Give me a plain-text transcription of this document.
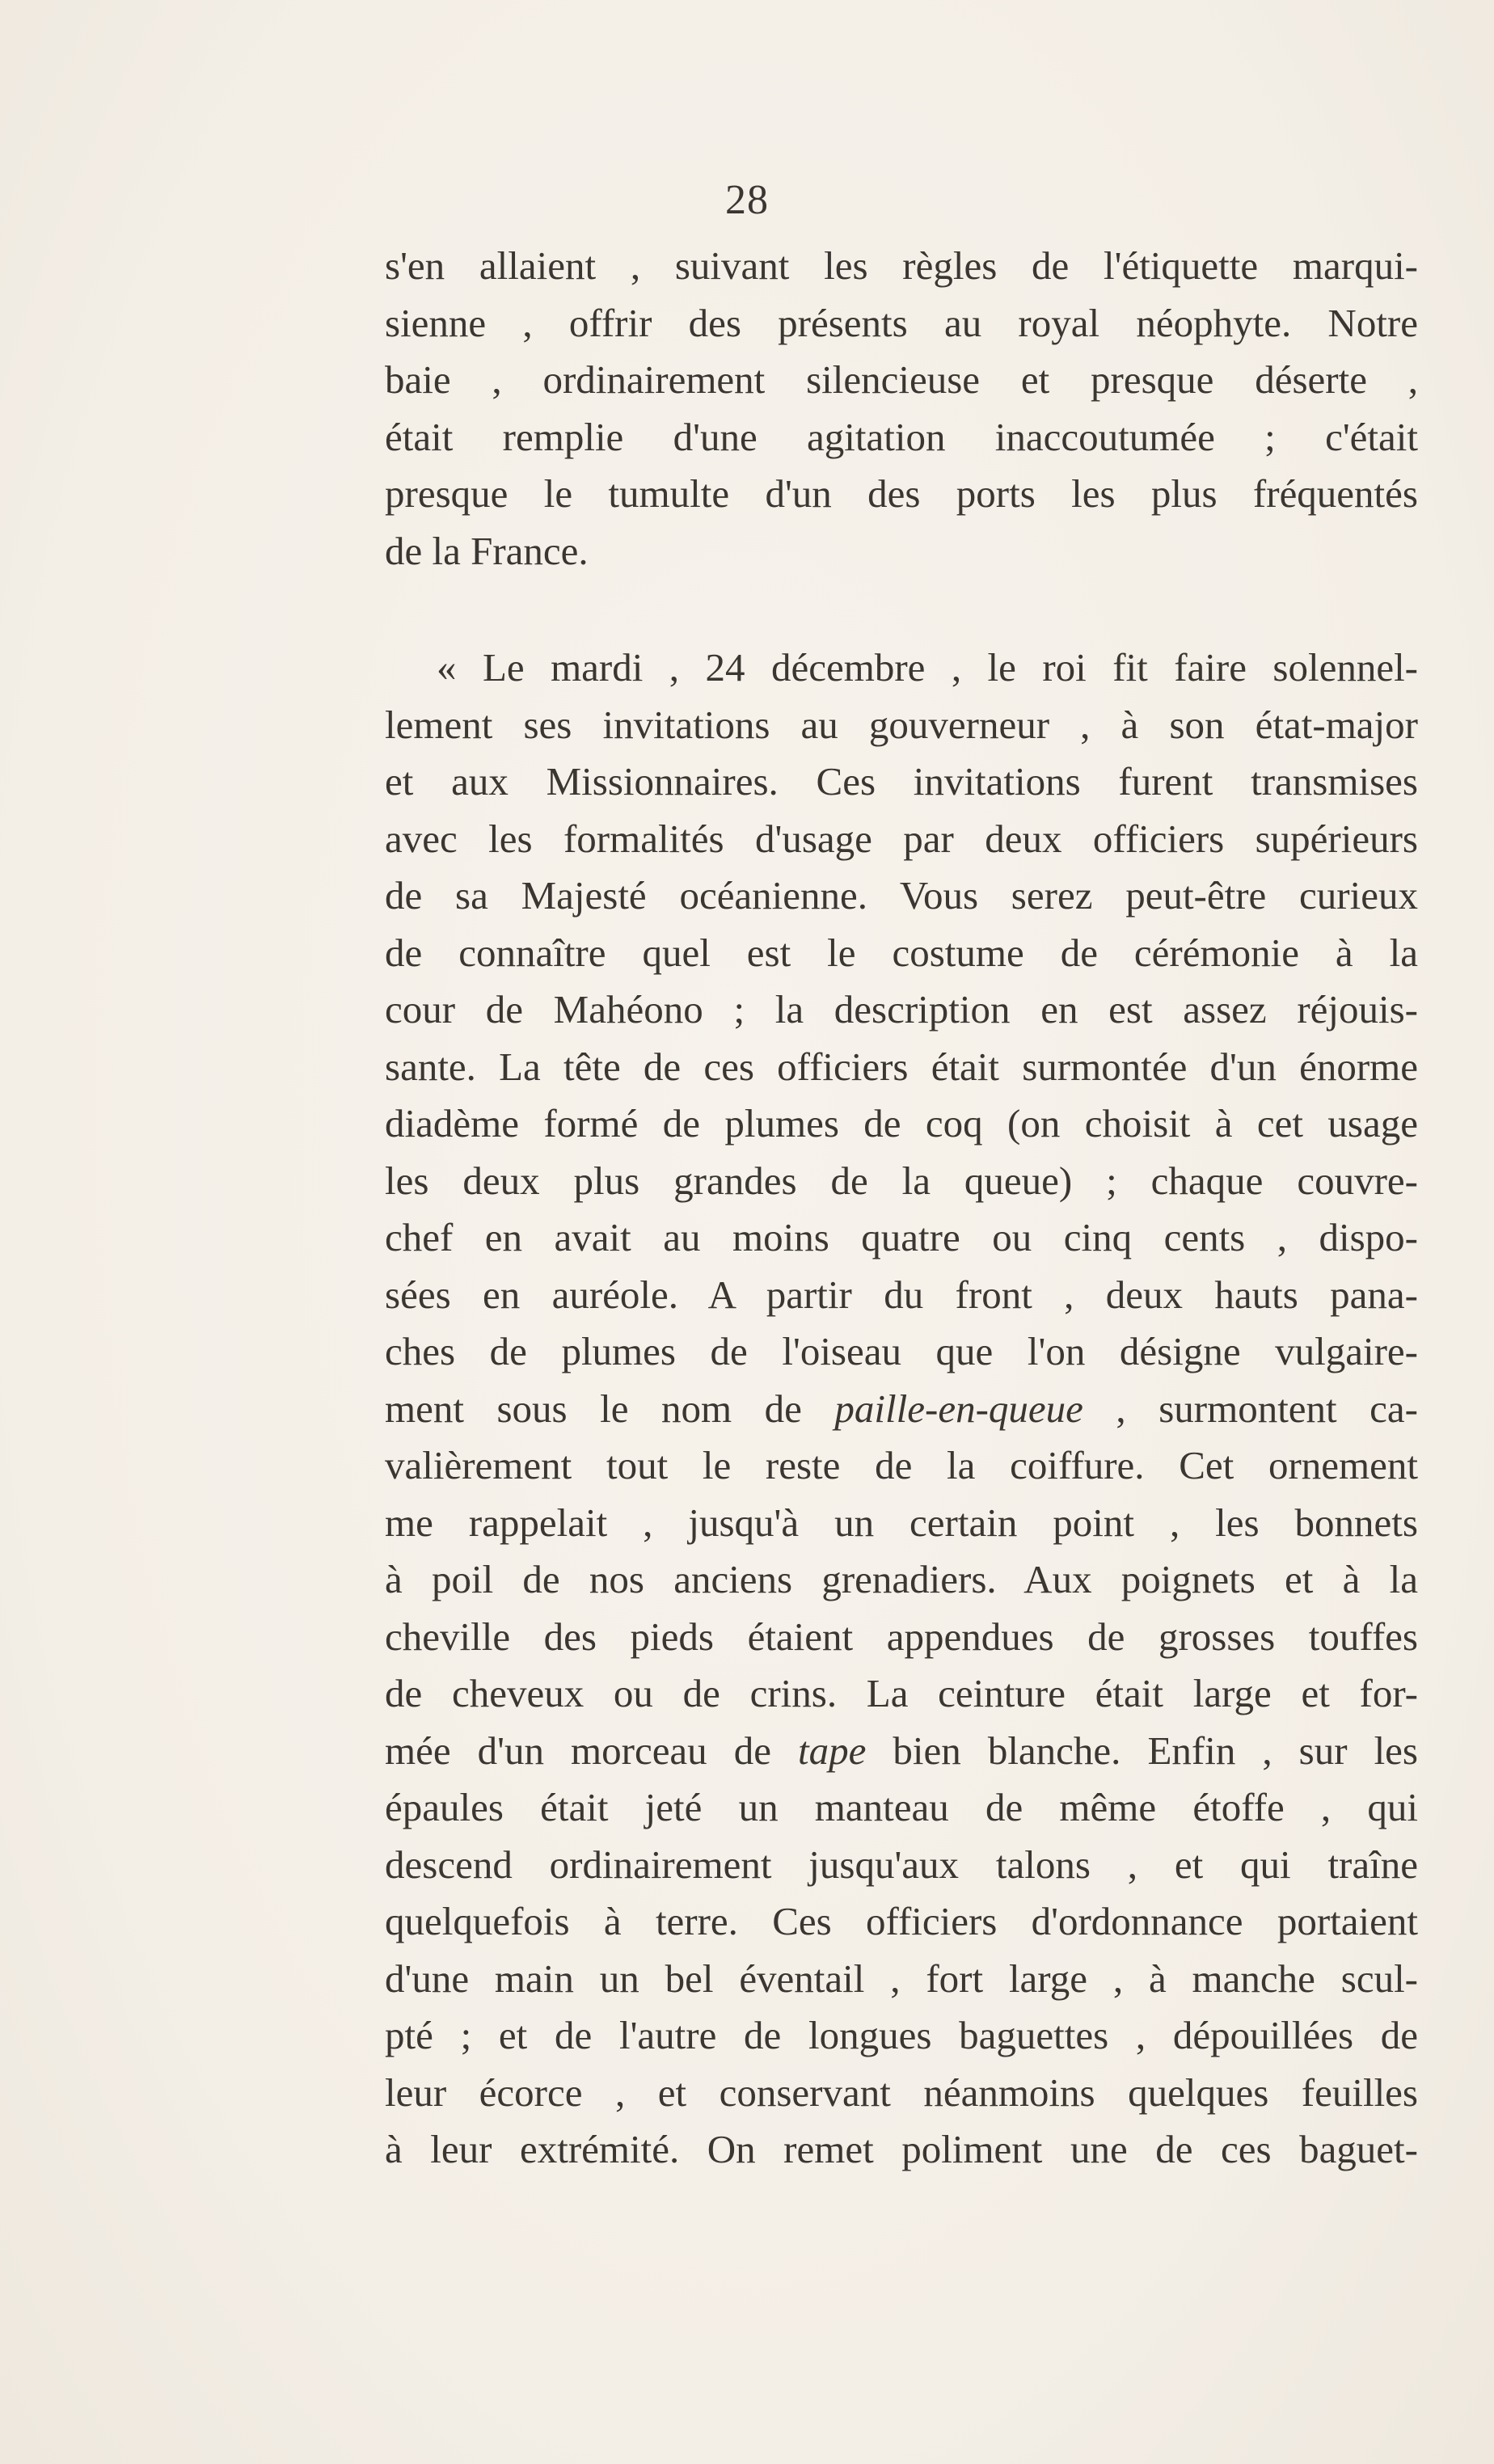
28
s'en allaient , suivant les règles de l'étiquette marqui-
sienne , offrir des présents au royal néophyte. Notre
baie , ordinairement silencieuse et presque déserte ,
était remplie d'une agitation inaccoutumée ; c'était
presque le tumulte d'un des ports les plus fréquentés
de la France.
« Le mardi , 24 décembre , le roi fit faire solennel-
lement ses invitations au gouverneur , à son état-major
et aux Missionnaires. Ces invitations furent transmises
avec les formalités d'usage par deux officiers supérieurs
de sa Majesté océanienne. Vous serez peut-être curieux
de connaître quel est le costume de cérémonie à la
cour de Mahéono ; la description en est assez réjouis-
sante. La tête de ces officiers était surmontée d'un énorme
diadème formé de plumes de coq (on choisit à cet usage
les deux plus grandes de la queue) ; chaque couvre-
chef en avait au moins quatre ou cinq cents , dispo-
sées en auréole. A partir du front , deux hauts pana-
ches de plumes de l'oiseau que l'on désigne vulgaire-
ment sous le nom de paille-en-queue , surmontent ca-
valièrement tout le reste de la coiffure. Cet ornement
me rappelait , jusqu'à un certain point , les bonnets
à poil de nos anciens grenadiers. Aux poignets et à la
cheville des pieds étaient appendues de grosses touffes
de cheveux ou de crins. La ceinture était large et for-
mée d'un morceau de tape bien blanche. Enfin , sur les
épaules était jeté un manteau de même étoffe , qui
descend ordinairement jusqu'aux talons , et qui traîne
quelquefois à terre. Ces officiers d'ordonnance portaient
d'une main un bel éventail , fort large , à manche scul-
pté ; et de l'autre de longues baguettes , dépouillées de
leur écorce , et conservant néanmoins quelques feuilles
à leur extrémité. On remet poliment une de ces baguet-
